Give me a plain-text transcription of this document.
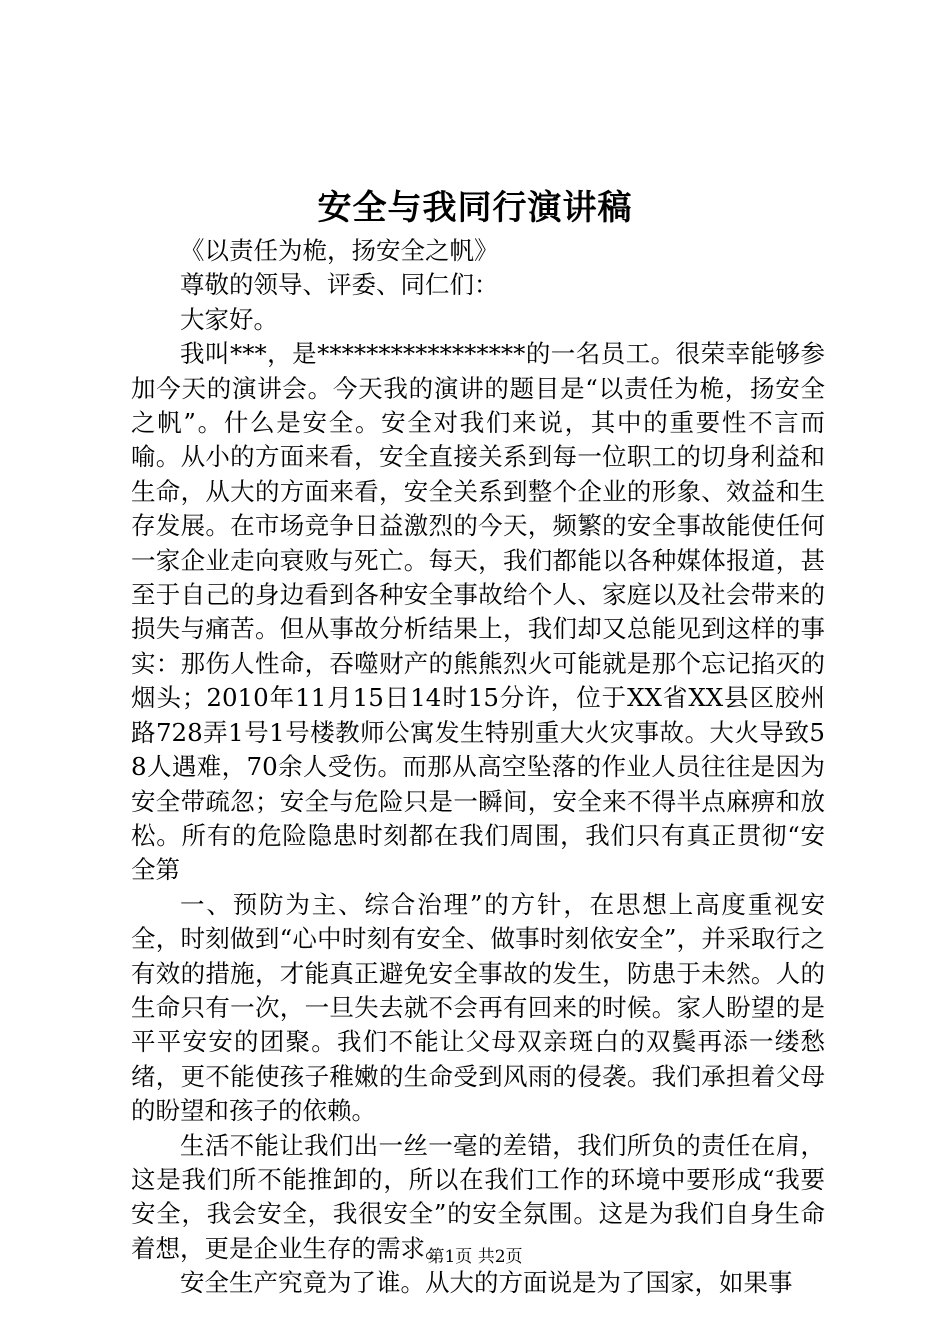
安全与我同行演讲稿

《以责任为桅，扬安全之帆》

尊敬的领导、评委、同仁们：

大家好。

我叫***，是*****************的一名员工。很荣幸能够参加今天的演讲会。今天我的演讲的题目是“以责任为桅，扬安全之帆”。什么是安全。安全对我们来说，其中的重要性不言而喻。从小的方面来看，安全直接关系到每一位职工的切身利益和生命，从大的方面来看，安全关系到整个企业的形象、效益和生存发展。在市场竞争日益激烈的今天，频繁的安全事故能使任何一家企业走向衰败与死亡。每天，我们都能以各种媒体报道，甚至于自己的身边看到各种安全事故给个人、家庭以及社会带来的损失与痛苦。但从事故分析结果上，我们却又总能见到这样的事实：那伤人性命，吞噬财产的熊熊烈火可能就是那个忘记掐灭的烟头；2010年11月15日14时15分许，位于XX省XX县区胶州路728弄1号1号楼教师公寓发生特别重大火灾事故。大火导致58人遇难，70余人受伤。而那从高空坠落的作业人员往往是因为安全带疏忽；安全与危险只是一瞬间，安全来不得半点麻痹和放松。所有的危险隐患时刻都在我们周围，我们只有真正贯彻“安全第

一、预防为主、综合治理”的方针，在思想上高度重视安全，时刻做到“心中时刻有安全、做事时刻依安全”，并采取行之有效的措施，才能真正避免安全事故的发生，防患于未然。人的生命只有一次，一旦失去就不会再有回来的时候。家人盼望的是平平安安的团聚。我们不能让父母双亲斑白的双鬓再添一缕愁绪，更不能使孩子稚嫩的生命受到风雨的侵袭。我们承担着父母的盼望和孩子的依赖。

生活不能让我们出一丝一毫的差错，我们所负的责任在肩，这是我们所不能推卸的，所以在我们工作的环境中要形成“我要安全，我会安全，我很安全”的安全氛围。这是为我们自身生命着想，更是企业生存的需求。

安全生产究竟为了谁。从大的方面说是为了国家，如果事

第1页 共2页
